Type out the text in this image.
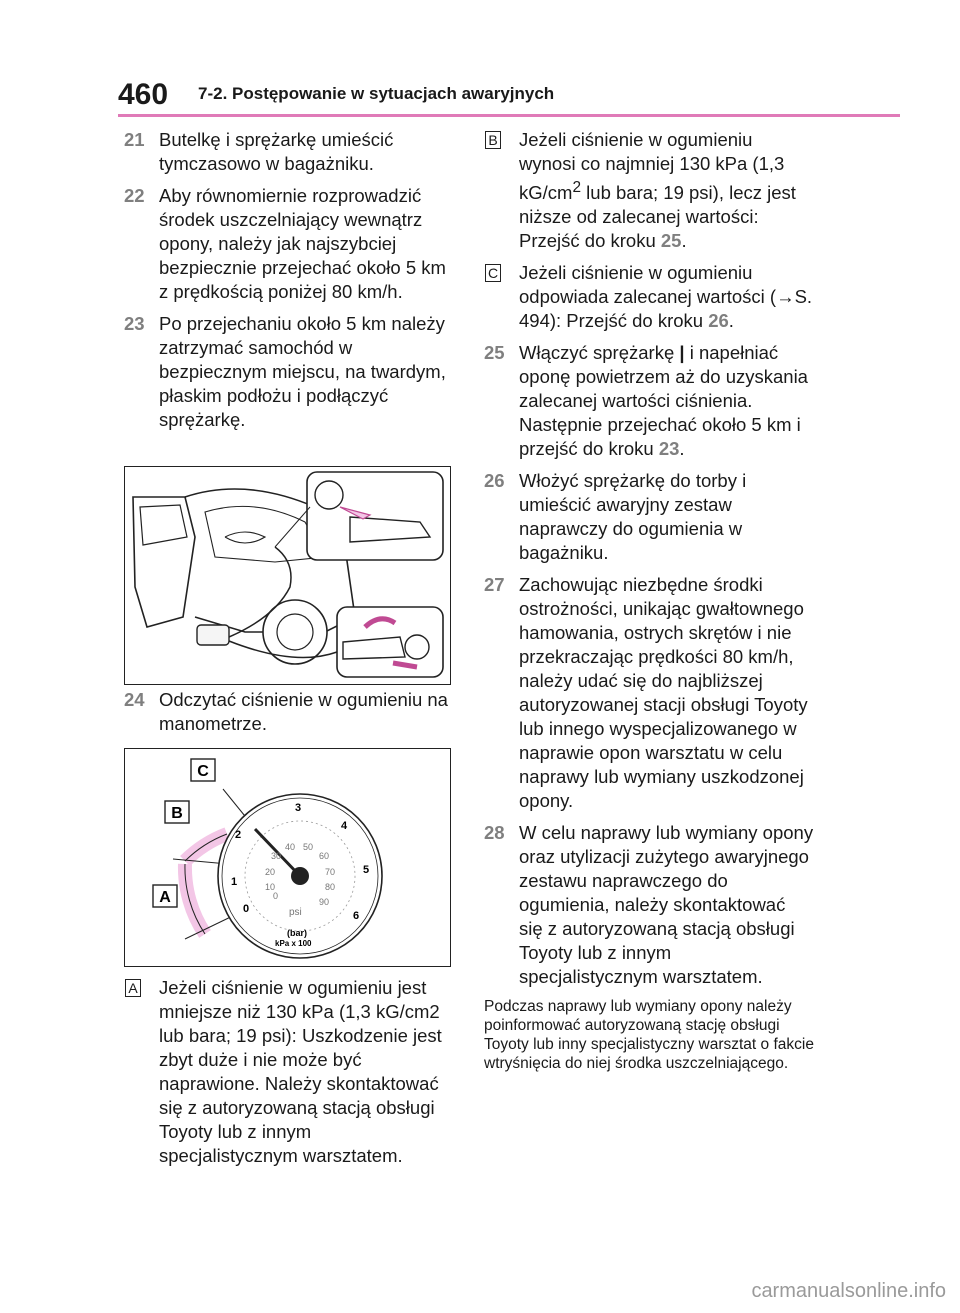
460 7-2. Postępowanie w sytuacjach awaryjnych
21 Butelkę i sprężarkę umieścić tymczasowo w bagażniku.
22 Aby równomiernie rozprowadzić środek uszczelniający wewnątrz opony, należy jak najszybciej bezpiecznie przejechać około 5 km z prędkością poniżej 80 km/h.
23 Po przejechaniu około 5 km należy zatrzymać samochód w bezpiecznym miejscu, na twardym, płaskim podłożu i podłączyć sprężarkę.
24 Odczytać ciśnienie w ogumieniu na manometrze.
C
B
A
0
1
2
3
4
5
6
0
10
20
30
40 50
60
70
80
90
psi
(bar)
kPa x 100
A Jeżeli ciśnienie w ogumieniu jest mniejsze niż 130 kPa (1,3 kG/cm2 lub bara; 19 psi): Uszkodzenie jest zbyt duże i nie może być naprawione. Należy skontaktować się z autoryzowaną stacją obsługi Toyoty lub z innym specjalistycznym warsztatem.
B Jeżeli ciśnienie w ogumieniu wynosi co najmniej 130 kPa (1,3 $kG/cm^2$ lub bara; 19 psi), lecz jest niższe od zalecanej wartości: Przejść do kroku 25.
C Jeżeli ciśnienie w ogumieniu odpowiada zalecanej wartości (→S. 494): Przejść do kroku 26.
25 Włączyć sprężarkę | i napełniać oponę powietrzem aż do uzyskania zalecanej wartości ciśnienia. Następnie przejechać około 5 km i przejść do kroku 23.
26 Włożyć sprężarkę do torby i umieścić awaryjny zestaw naprawczy do ogumienia w bagażniku.
27 Zachowując niezbędne środki ostrożności, unikając gwałtownego hamowania, ostrych skrętów i nie przekraczając prędkości 80 km/h, należy udać się do najbliższej autoryzowanej stacji obsługi Toyoty lub innego wyspecjalizowanego w naprawie opon warsztatu w celu naprawy lub wymiany uszkodzonej opony.
28 W celu naprawy lub wymiany opony oraz utylizacji zużytego awaryjnego zestawu naprawczego do ogumienia, należy skontaktować się z autoryzowaną stacją obsługi Toyoty lub z innym specjalistycznym warsztatem.
Podczas naprawy lub wymiany opony należy poinformować autoryzowaną stację obsługi Toyoty lub inny specjalistyczny warsztat o fakcie wtryśnięcia do niej środka uszczelniającego.
carmanualsonline.info
